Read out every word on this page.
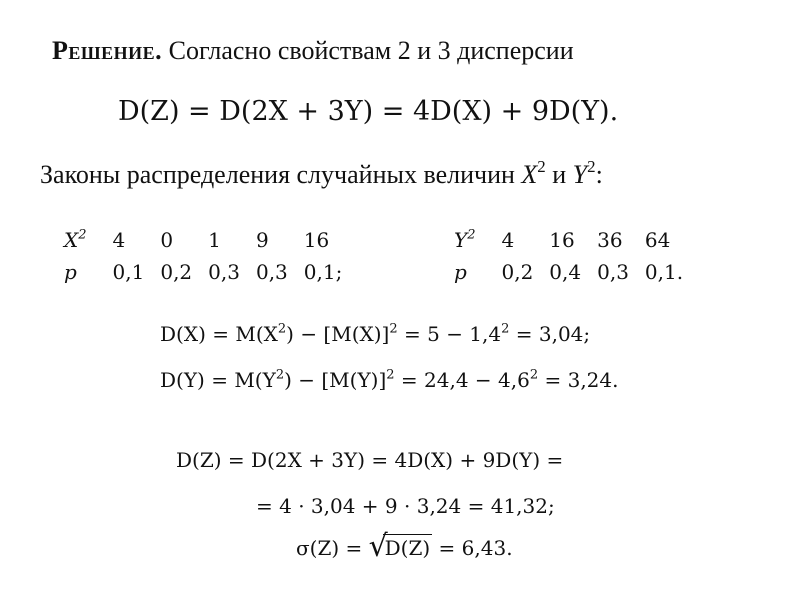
Решение. Согласно свойствам 2 и 3 дисперсии
D(Z) = D(2X + 3Y) = 4D(X) + 9D(Y).
Законы распределения случайных величин $X^2$ и $Y^2$:
$X^2$	4	0	1	9	16
p	0,1	0,2	0,3	0,3	0,1;
$Y^2$	4	16	36	64
p	0,2	0,4	0,3	0,1.
$D(X) = M(X^2) - [M(X)]^2 = 5 - 1,4^2 = 3,04$;
$D(Y) = M(Y^2) - [M(Y)]^2 = 24,4 - 4,6^2 = 3,24$.
D(Z) = D(2X + 3Y) = 4D(X) + 9D(Y) =
= 4 · 3,04 + 9 · 3,24 = 41,32;
σ(Z) = √
D(Z) = 6,43.
